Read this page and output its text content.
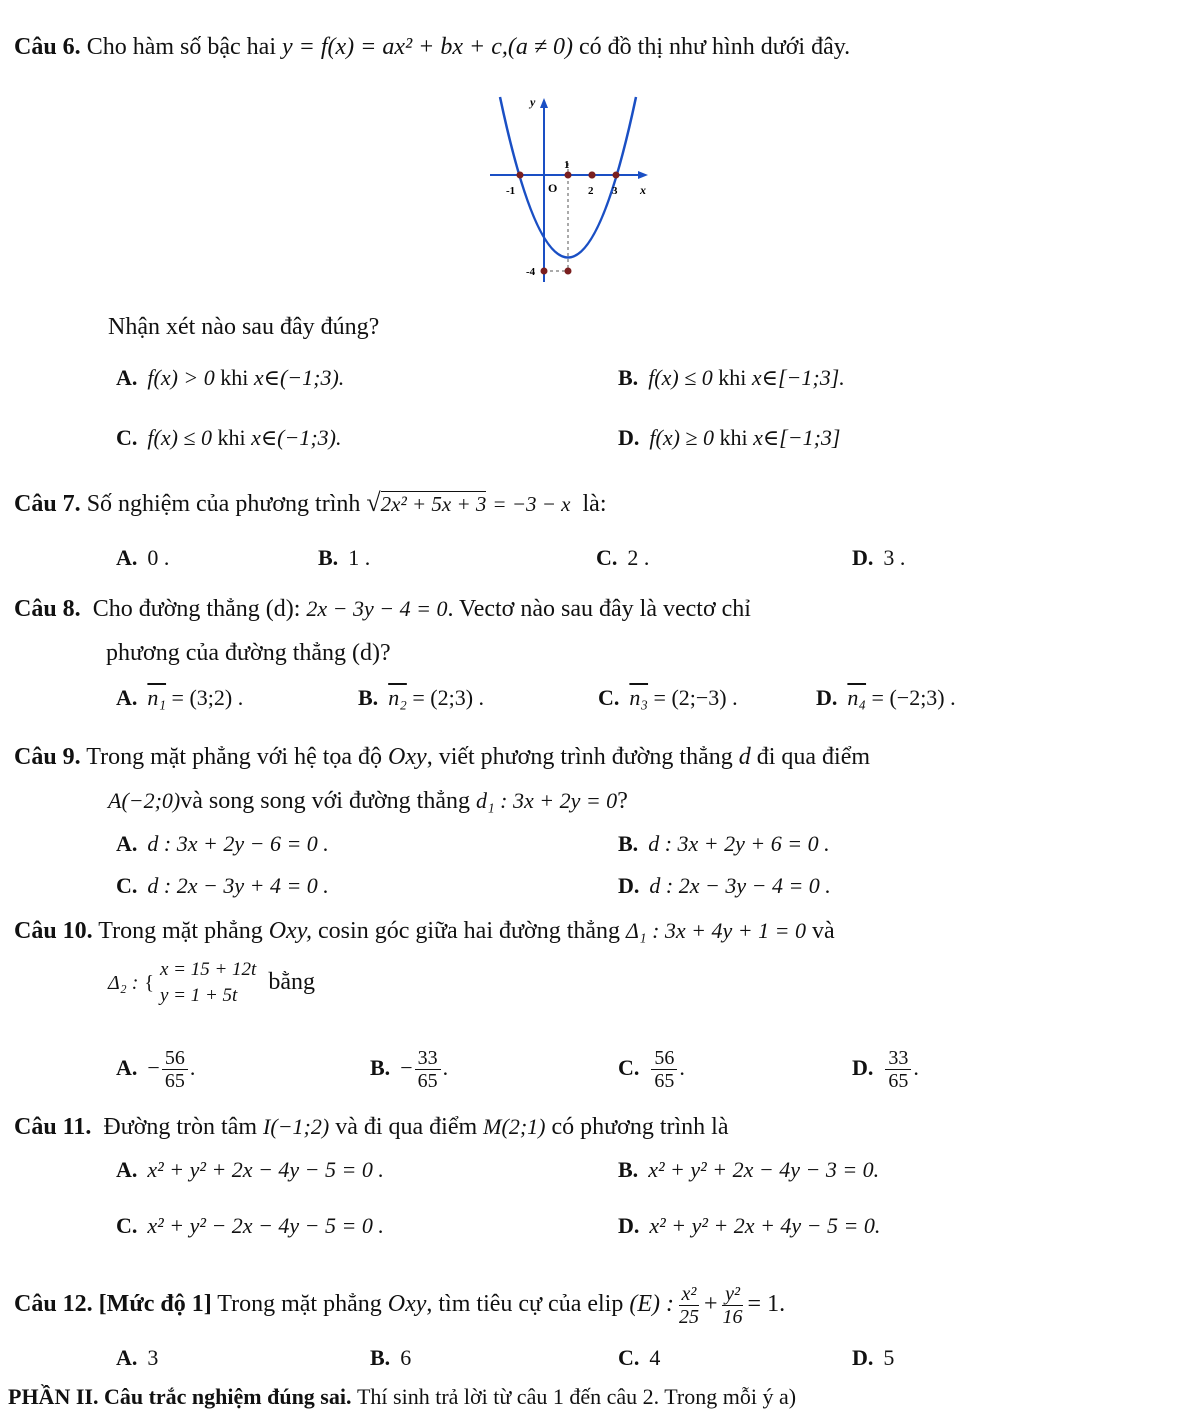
Câu 6. Cho hàm số bậc hai y = f(x) = ax² + bx + c,(a ≠ 0) có đồ thị như hình dưới đây.
y
x
O
-1
1
2 3
-4
Nhận xét nào sau đây đúng?
A. f(x) > 0 khi x∈(−1;3).	B. f(x) ≤ 0 khi x∈[−1;3].
C. f(x) ≤ 0 khi x∈(−1;3).	D. f(x) ≥ 0 khi x∈[−1;3]
Câu 7. Số nghiệm của phương trình √2x² + 5x + 3 = −3 − x là:
A. 0 .	B. 1 .	C. 2 .	D. 3 .
Câu 8. Cho đường thẳng (d): 2x − 3y − 4 = 0. Vectơ nào sau đây là vectơ chỉ
phương của đường thẳng (d)?
A. n₁ = (3;2) .	B. n₂ = (2;3) .	C. n₃ = (2;−3) .	D. n₄ = (−2;3) .
Câu 9. Trong mặt phẳng với hệ tọa độ Oxy, viết phương trình đường thẳng d đi qua điểm
A(−2;0)và song song với đường thẳng d₁ : 3x + 2y = 0?
A. d : 3x + 2y − 6 = 0 .	B. d : 3x + 2y + 6 = 0 .
C. d : 2x − 3y + 4 = 0 .	D. d : 2x − 3y − 4 = 0 .
Câu 10. Trong mặt phẳng Oxy, cosin góc giữa hai đường thẳng Δ₁ : 3x + 4y + 1 = 0 và
Δ₂ : {
x = 15 + 12t
y = 1 + 5t
bằng
A. − $\frac{56}{65}$ .	B. − $\frac{33}{65}$ .	C. $\frac{56}{65}$ .	D. $\frac{33}{65}$ .
Câu 11. Đường tròn tâm I(−1;2) và đi qua điểm M(2;1) có phương trình là
A. x² + y² + 2x − 4y − 5 = 0 .	B. x² + y² + 2x − 4y − 3 = 0.
C. x² + y² − 2x − 4y − 5 = 0 .	D. x² + y² + 2x + 4y − 5 = 0.
Câu 12. [Mức độ 1] Trong mặt phẳng Oxy, tìm tiêu cự của elip (E) : $\frac{\text{x²}}{25} + \frac{\text{y²}}{16} = 1$.
A. 3	B. 6	C. 4	D. 5
PHẦN II. Câu trắc nghiệm đúng sai. Thí sinh trả lời từ câu 1 đến câu 2. Trong mỗi ý a)
